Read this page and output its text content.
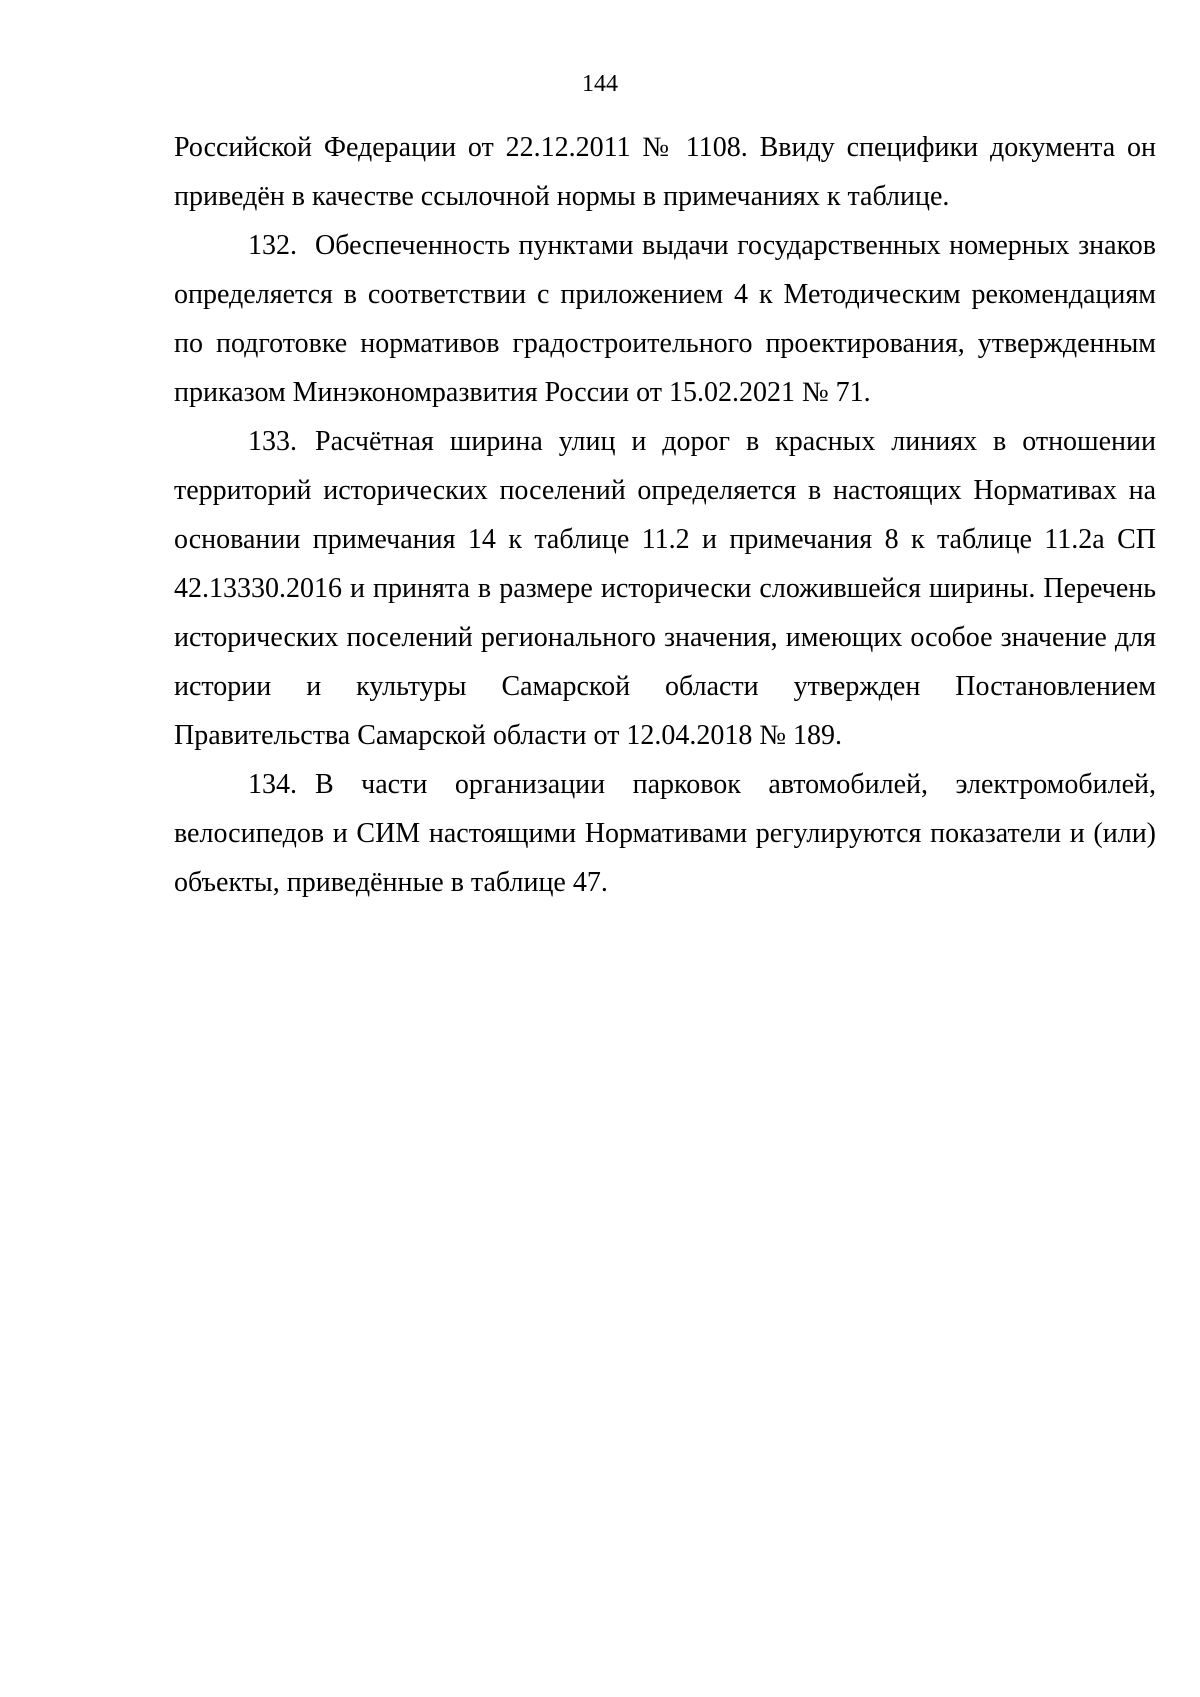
144

Российской Федерации от 22.12.2011 № 1108. Ввиду специфики документа он приведён в качестве ссылочной нормы в примечаниях к таблице.

132. Обеспеченность пунктами выдачи государственных номерных знаков определяется в соответствии с приложением 4 к Методическим рекомендациям по подготовке нормативов градостроительного проектирования, утвержденным приказом Минэкономразвития России от 15.02.2021 № 71.

133. Расчётная ширина улиц и дорог в красных линиях в отношении территорий исторических поселений определяется в настоящих Нормативах на основании примечания 14 к таблице 11.2 и примечания 8 к таблице 11.2а СП 42.13330.2016 и принята в размере исторически сложившейся ширины. Перечень исторических поселений регионального значения, имеющих особое значение для истории и культуры Самарской области утвержден Постановлением Правительства Самарской области от 12.04.2018 № 189.

134. В части организации парковок автомобилей, электромобилей, велосипедов и СИМ настоящими Нормативами регулируются показатели и (или) объекты, приведённые в таблице 47.
